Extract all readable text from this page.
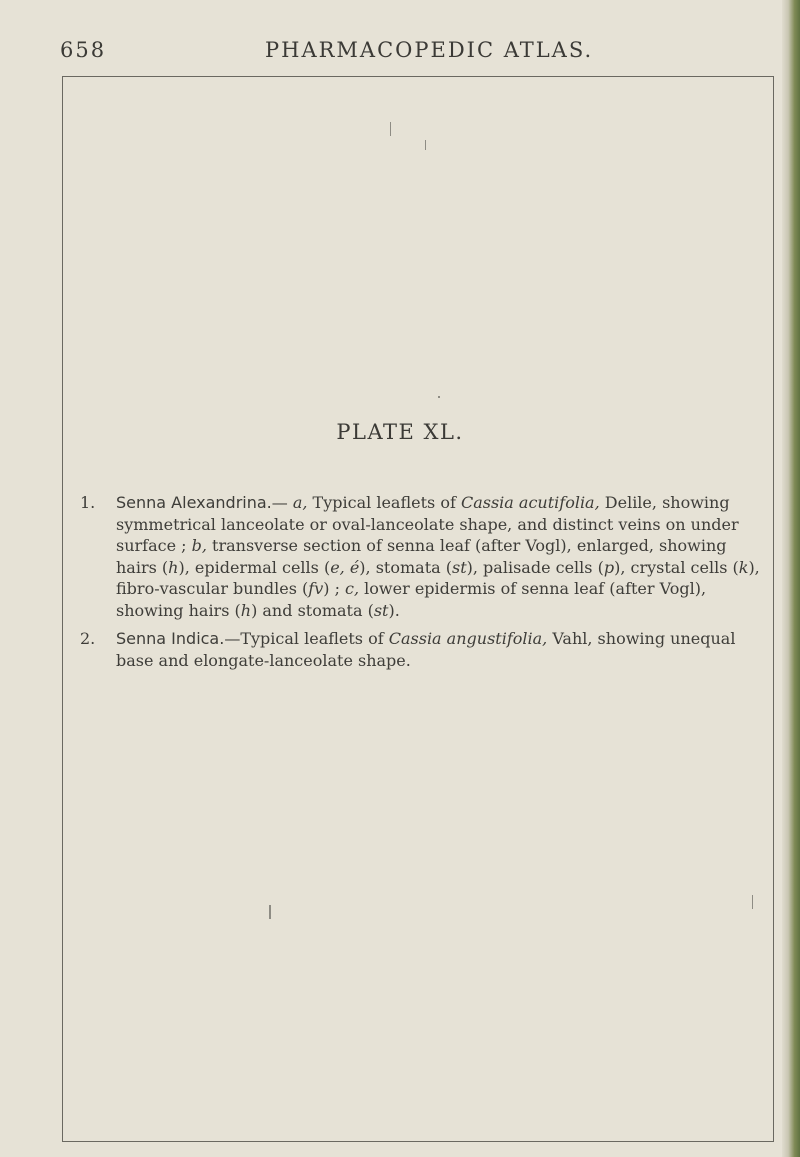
658	PHARMACOPEDIC ATLAS.
PLATE XL.
1. Senna Alexandrina.— a, Typical leaflets of Cassia acutifolia, Delile, showing symmetrical lanceolate or oval-lanceolate shape, and distinct veins on under surface ; b, transverse section of senna leaf (after Vogl), enlarged, showing hairs (h), epidermal cells (e, é), stomata (st), palisade cells (p), crystal cells (k), fibro-vascular bundles (fv) ; c, lower epidermis of senna leaf (after Vogl), showing hairs (h) and stomata (st).
2. Senna Indica.—Typical leaflets of Cassia angustifolia, Vahl, showing unequal base and elongate-lanceolate shape.
